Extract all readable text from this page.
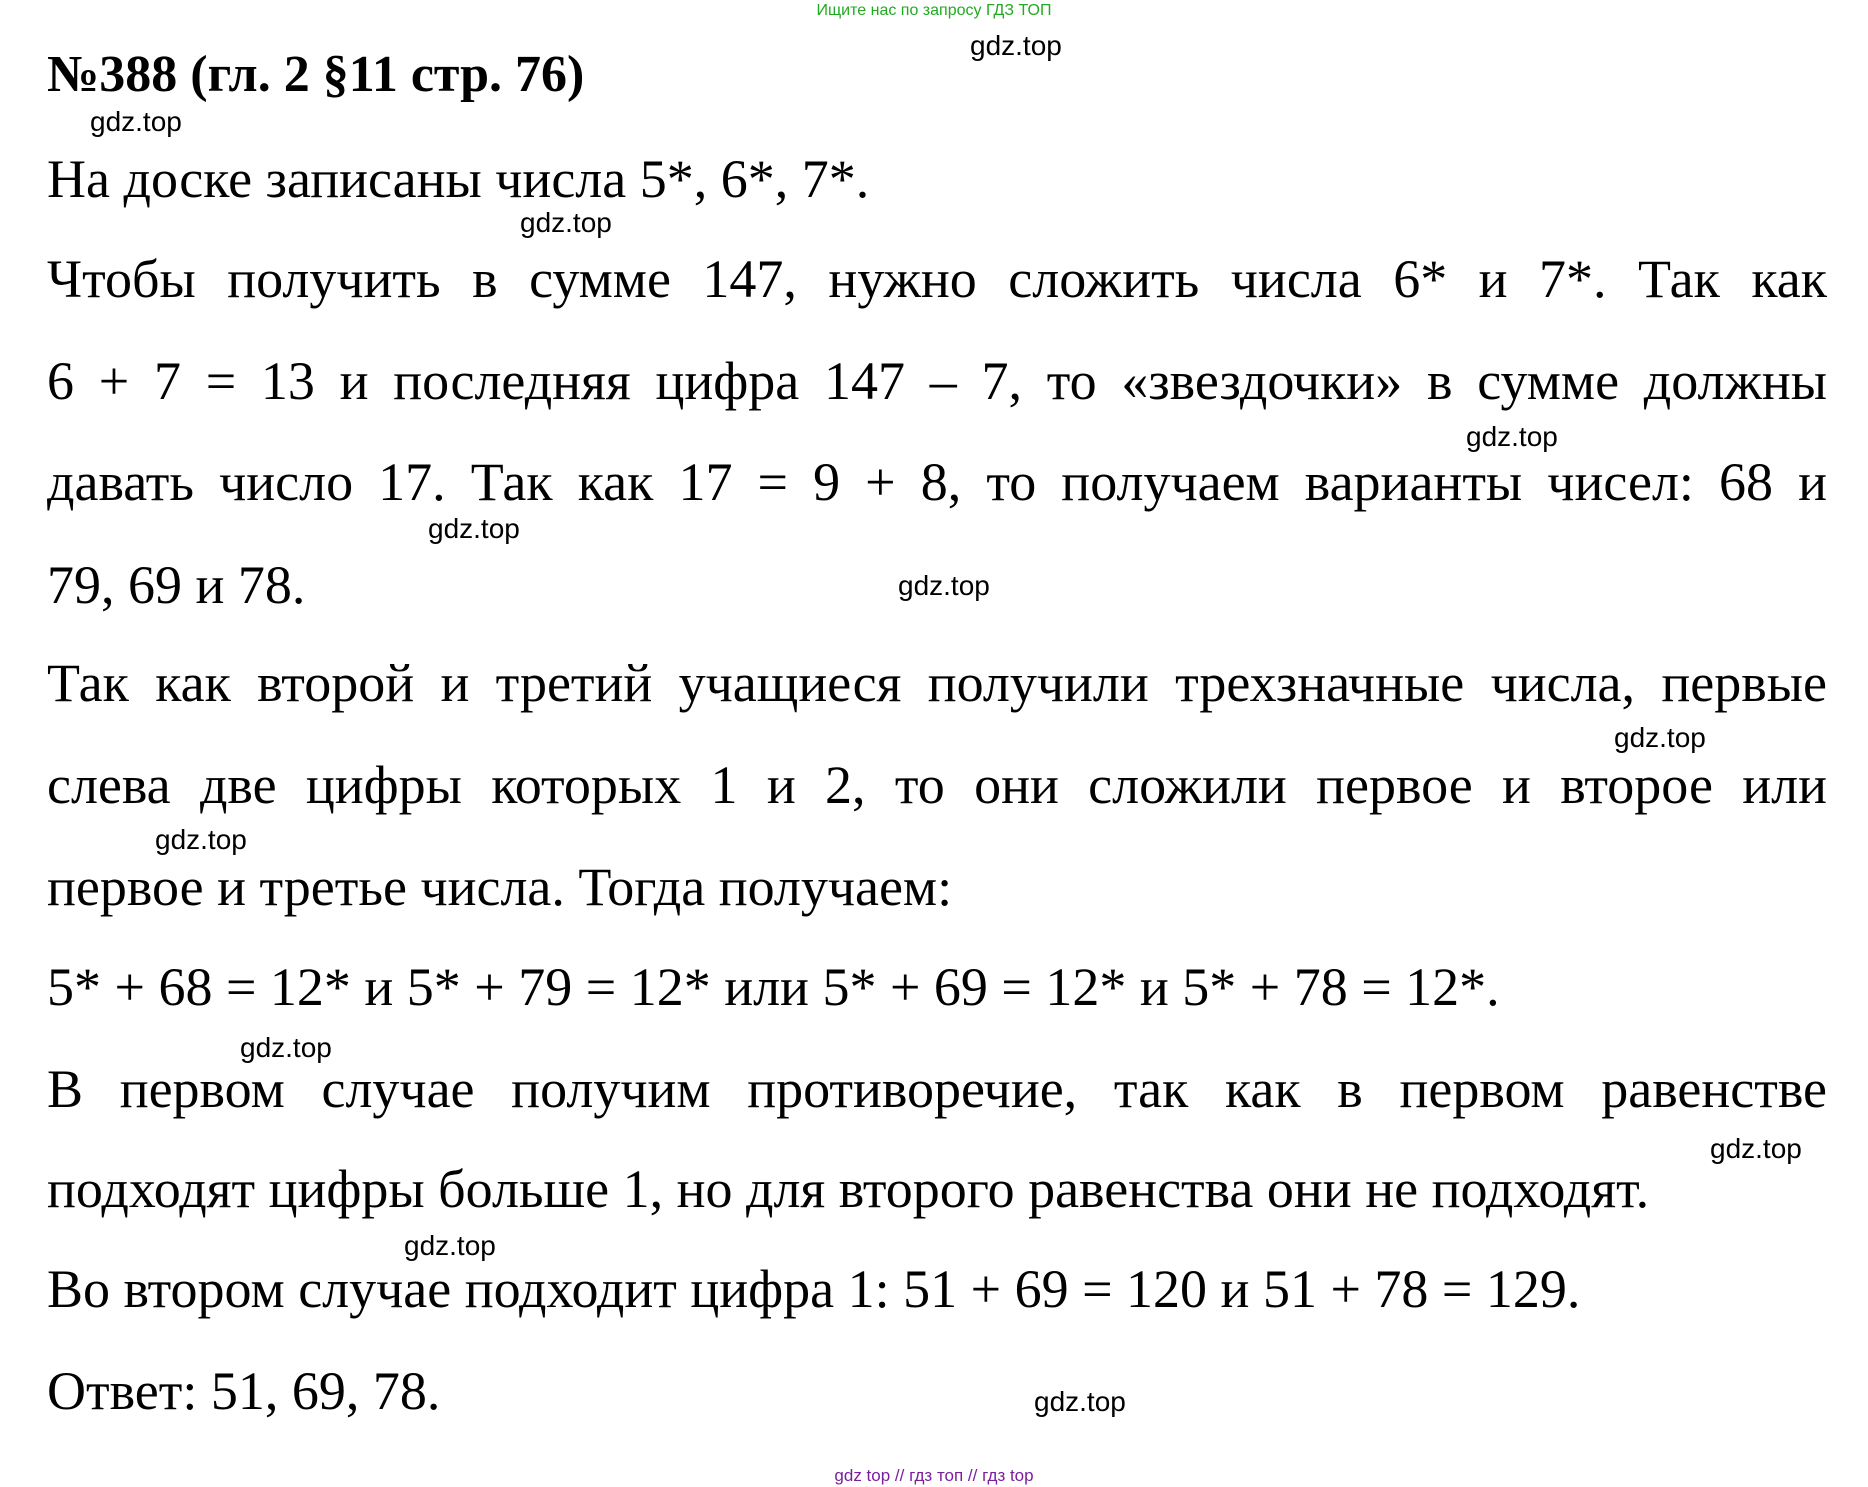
Ищите нас по запросу ГДЗ ТОП
№388 (гл. 2 §11 стр. 76)
На доске записаны числа 5*, 6*, 7*.
Чтобы получить в сумме 147, нужно сложить числа 6* и 7*. Так как
6 + 7 = 13 и последняя цифра 147 – 7, то «звездочки» в сумме должны
давать число 17. Так как 17 = 9 + 8, то получаем варианты чисел: 68 и
79, 69 и 78.
Так как второй и третий учащиеся получили трехзначные числа, первые
слева две цифры которых 1 и 2, то они сложили первое и второе или
первое и третье числа. Тогда получаем:
5* + 68 = 12* и 5* + 79 = 12* или 5* + 69 = 12* и 5* + 78 = 12*.
В первом случае получим противоречие, так как в первом равенстве
подходят цифры больше 1, но для второго равенства они не подходят.
Во втором случае подходит цифра 1: 51 + 69 = 120 и 51 + 78 = 129.
Ответ: 51, 69, 78.
gdz.top
gdz.top
gdz.top
gdz.top
gdz.top
gdz.top
gdz.top
gdz.top
gdz.top
gdz.top
gdz.top
gdz.top
gdz top // гдз топ // гдз top
